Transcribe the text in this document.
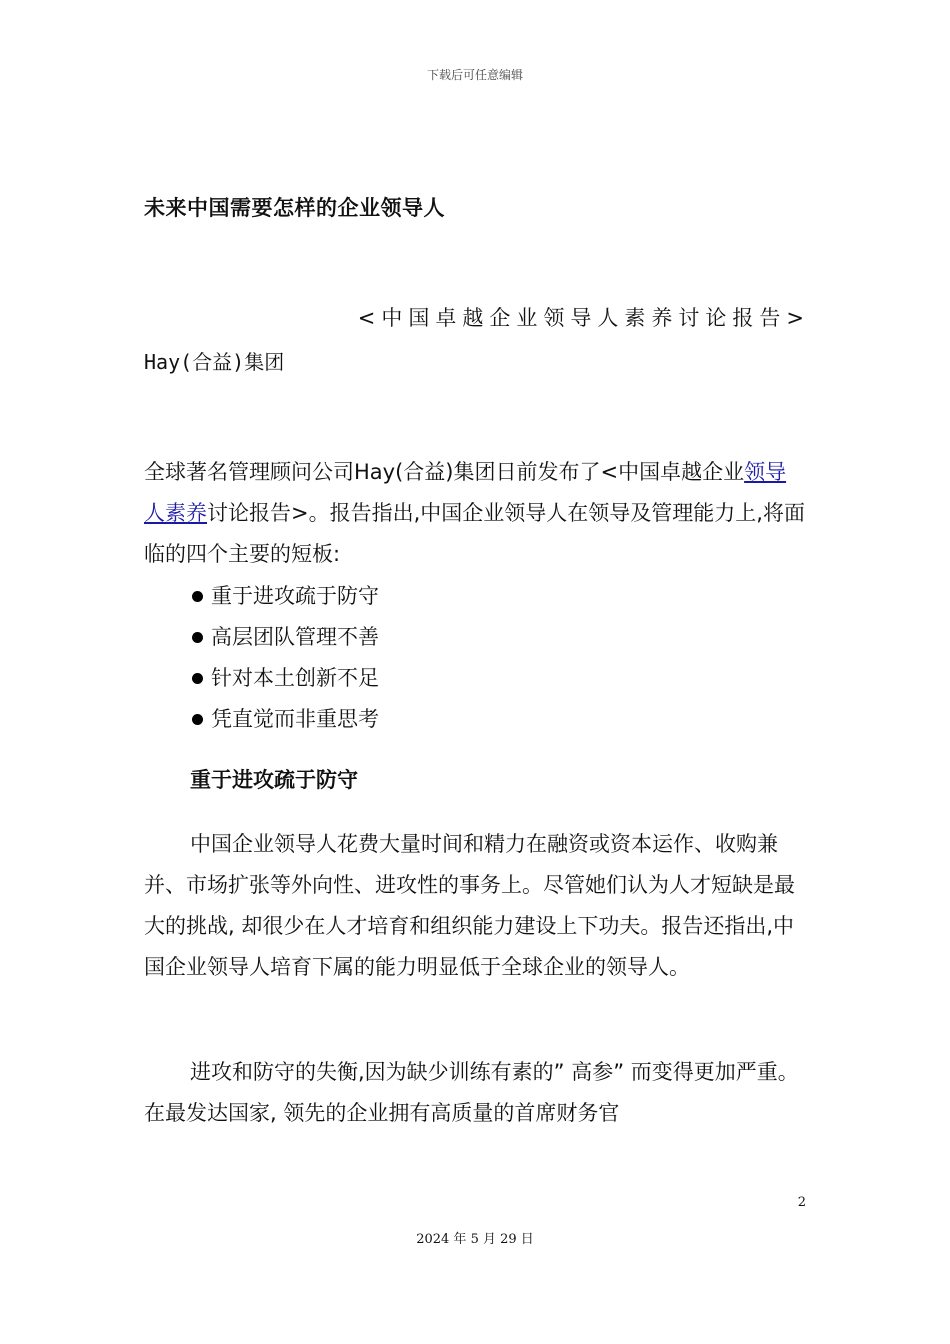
下载后可任意编辑
未来中国需要怎样的企业领导人
<中国卓越企业领导人素养讨论报告>
Hay(合益)集团

全球著名管理顾问公司Hay(合益)集团日前发布了<中国卓越企业领导人素养讨论报告>。报告指出,中国企业领导人在领导及管理能力上,将面临的四个主要的短板:

重于进攻疏于防守
高层团队管理不善
针对本土创新不足
凭直觉而非重思考
重于进攻疏于防守

中国企业领导人花费大量时间和精力在融资或资本运作、收购兼并、市场扩张等外向性、进攻性的事务上。尽管她们认为人才短缺是最大的挑战, 却很少在人才培育和组织能力建设上下功夫。报告还指出,中国企业领导人培育下属的能力明显低于全球企业的领导人。

进攻和防守的失衡,因为缺少训练有素的” 高参” 而变得更加严重。在最发达国家, 领先的企业拥有高质量的首席财务官

2
2024 年 5 月 29 日
